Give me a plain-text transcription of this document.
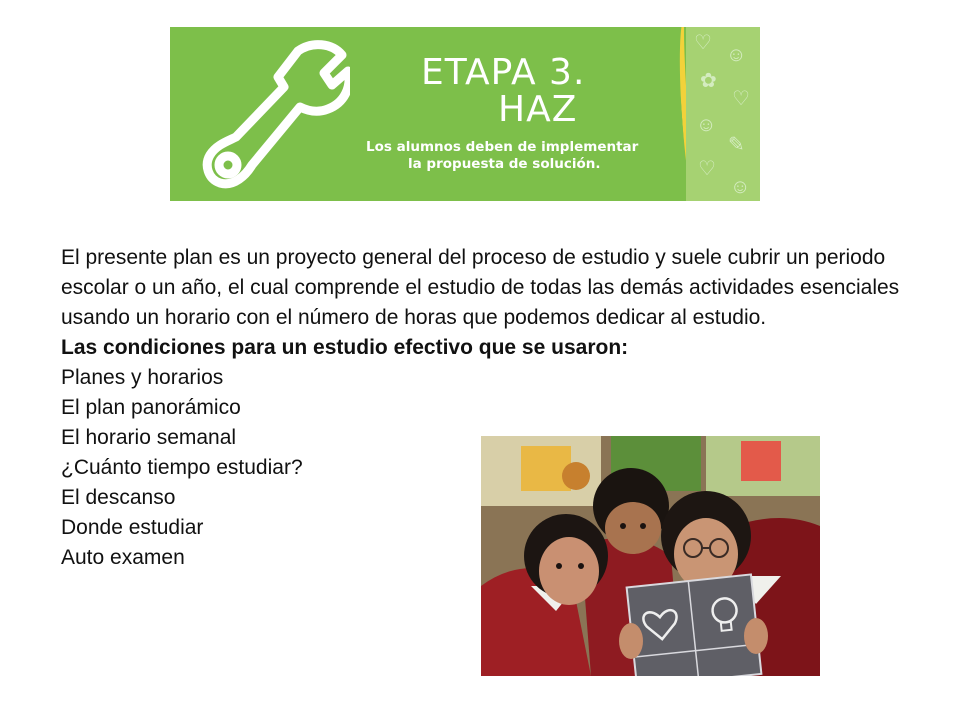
♡
☺
✿
♡
☺
✎
♡
☺
ETAPA 3.
HAZ
Los alumnos deben de implementar
la propuesta de solución.

El presente plan es un proyecto general del proceso de estudio y suele cubrir un periodo escolar o un año, el cual comprende el estudio de todas las demás actividades esenciales usando un horario con el número de horas que podemos dedicar al estudio.

Las condiciones para un estudio efectivo que se usaron:

Planes y horarios
El plan panorámico
El horario semanal
¿Cuánto tiempo estudiar?
El descanso
Donde estudiar
Auto examen
